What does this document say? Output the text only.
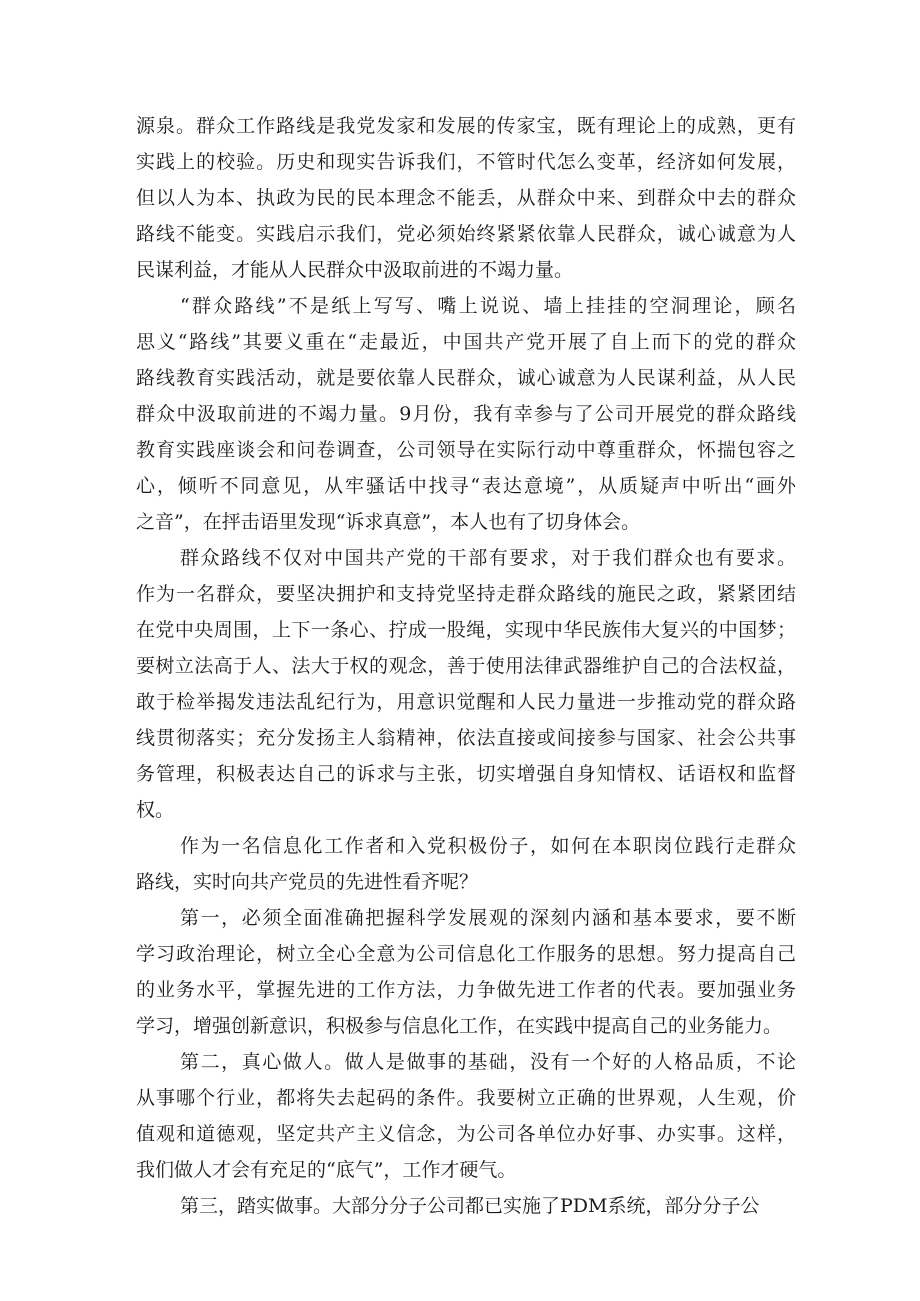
源泉。群众工作路线是我党发家和发展的传家宝，既有理论上的成熟，更有
实践上的校验。历史和现实告诉我们，不管时代怎么变革，经济如何发展，
但以人为本、执政为民的民本理念不能丢，从群众中来、到群众中去的群众
路线不能变。实践启示我们，党必须始终紧紧依靠人民群众，诚心诚意为人
民谋利益，才能从人民群众中汲取前进的不竭力量。
“群众路线”不是纸上写写、嘴上说说、墙上挂挂的空洞理论，顾名
思义“路线”其要义重在“走最近，中国共产党开展了自上而下的党的群众
路线教育实践活动，就是要依靠人民群众，诚心诚意为人民谋利益，从人民
群众中汲取前进的不竭力量。9月份，我有幸参与了公司开展党的群众路线
教育实践座谈会和问卷调查，公司领导在实际行动中尊重群众，怀揣包容之
心，倾听不同意见，从牢骚话中找寻“表达意境”，从质疑声中听出“画外
之音”，在抨击语里发现“诉求真意”，本人也有了切身体会。
群众路线不仅对中国共产党的干部有要求，对于我们群众也有要求。
作为一名群众，要坚决拥护和支持党坚持走群众路线的施民之政，紧紧团结
在党中央周围，上下一条心、拧成一股绳，实现中华民族伟大复兴的中国梦；
要树立法高于人、法大于权的观念，善于使用法律武器维护自己的合法权益，
敢于检举揭发违法乱纪行为，用意识觉醒和人民力量进一步推动党的群众路
线贯彻落实；充分发扬主人翁精神，依法直接或间接参与国家、社会公共事
务管理，积极表达自己的诉求与主张，切实增强自身知情权、话语权和监督
权。
作为一名信息化工作者和入党积极份子，如何在本职岗位践行走群众
路线，实时向共产党员的先进性看齐呢？
第一，必须全面准确把握科学发展观的深刻内涵和基本要求，要不断
学习政治理论，树立全心全意为公司信息化工作服务的思想。努力提高自己
的业务水平，掌握先进的工作方法，力争做先进工作者的代表。要加强业务
学习，增强创新意识，积极参与信息化工作，在实践中提高自己的业务能力。
第二，真心做人。做人是做事的基础，没有一个好的人格品质，不论
从事哪个行业，都将失去起码的条件。我要树立正确的世界观，人生观，价
值观和道德观，坚定共产主义信念，为公司各单位办好事、办实事。这样，
我们做人才会有充足的“底气”，工作才硬气。
第三，踏实做事。大部分分子公司都已实施了PDM系统，部分分子公
